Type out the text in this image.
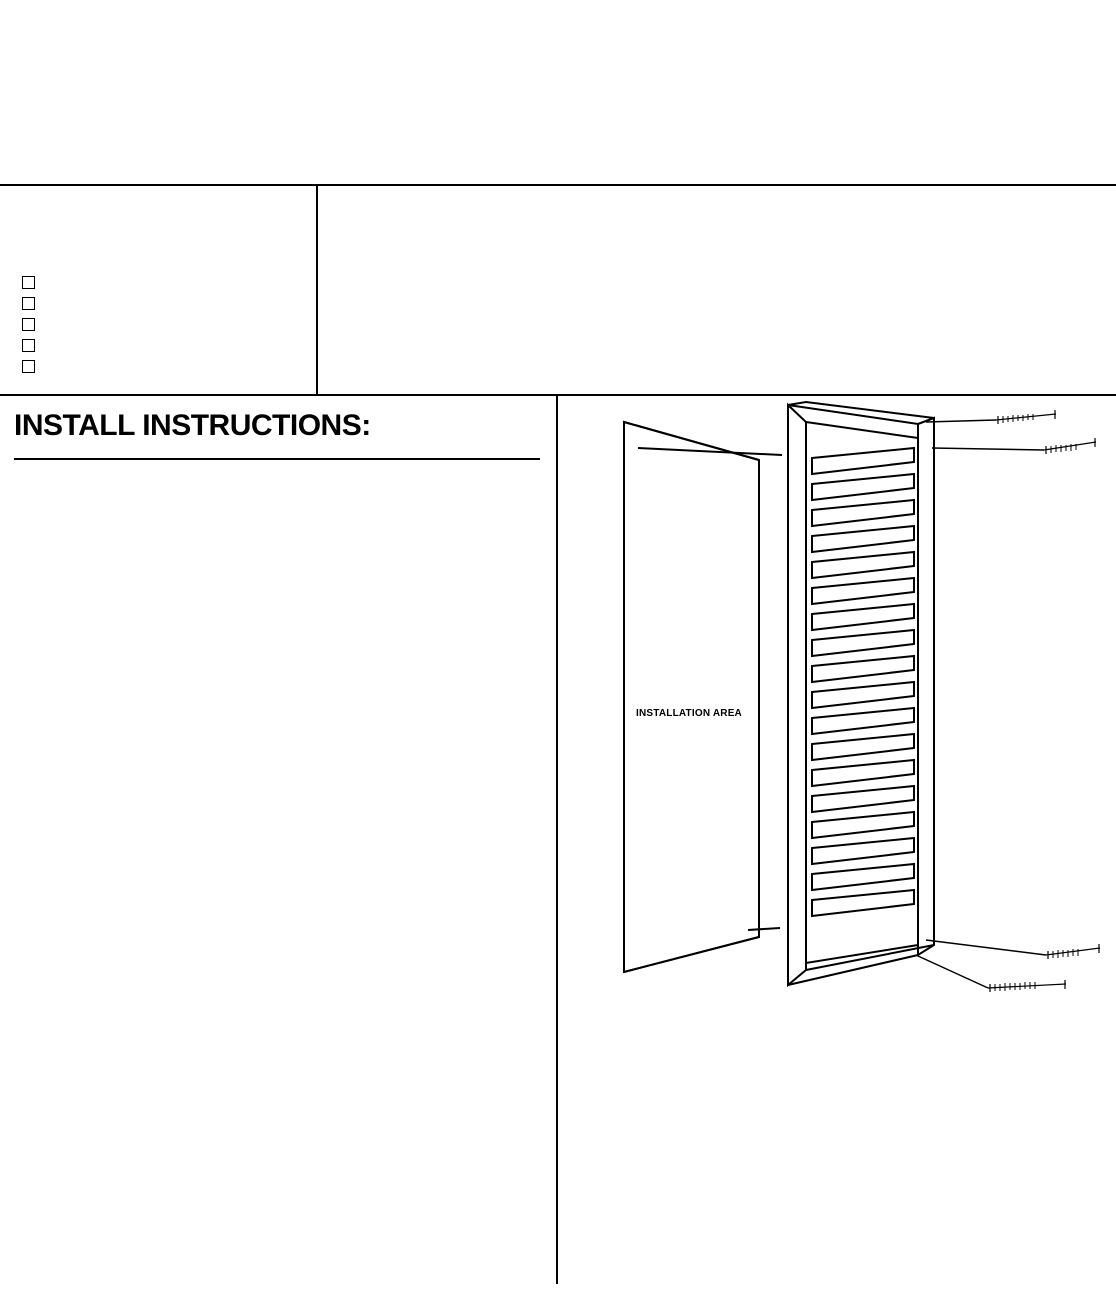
INSTALL INSTRUCTIONS:
INSTALLATION AREA
